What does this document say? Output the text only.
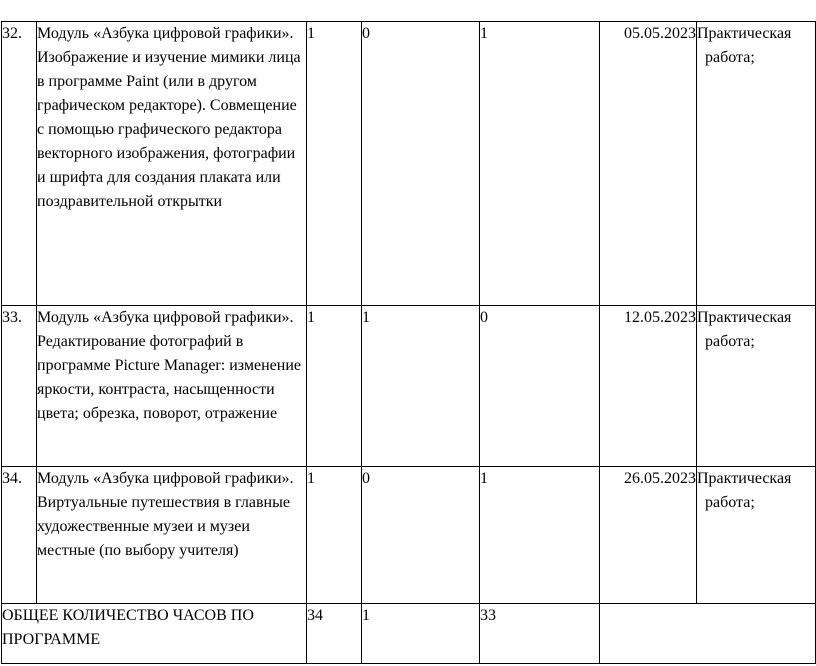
32.	Модуль «Азбука цифровой графики». Изображение и изучение мимики лица в программе Paint (или в другом графическом редакторе). Совмещение с помощью графического редактора векторного изображения, фотографии и шрифта для создания плаката или поздравительной открытки	1	0	1	05.05.2023	Практическая
работа;

33.	Модуль «Азбука цифровой графики». Редактирование фотографий в программе Picture Manager: изменение яркости, контраста, насыщенности цвета; обрезка, поворот, отражение	1	1	0	12.05.2023	Практическая
работа;

34.	Модуль «Азбука цифровой графики». Виртуальные путешествия в главные художественные музеи и музеи местные (по выбору учителя)	1	0	1	26.05.2023	Практическая
работа;

ОБЩЕЕ КОЛИЧЕСТВО ЧАСОВ ПО ПРОГРАММЕ		34	1	33		
